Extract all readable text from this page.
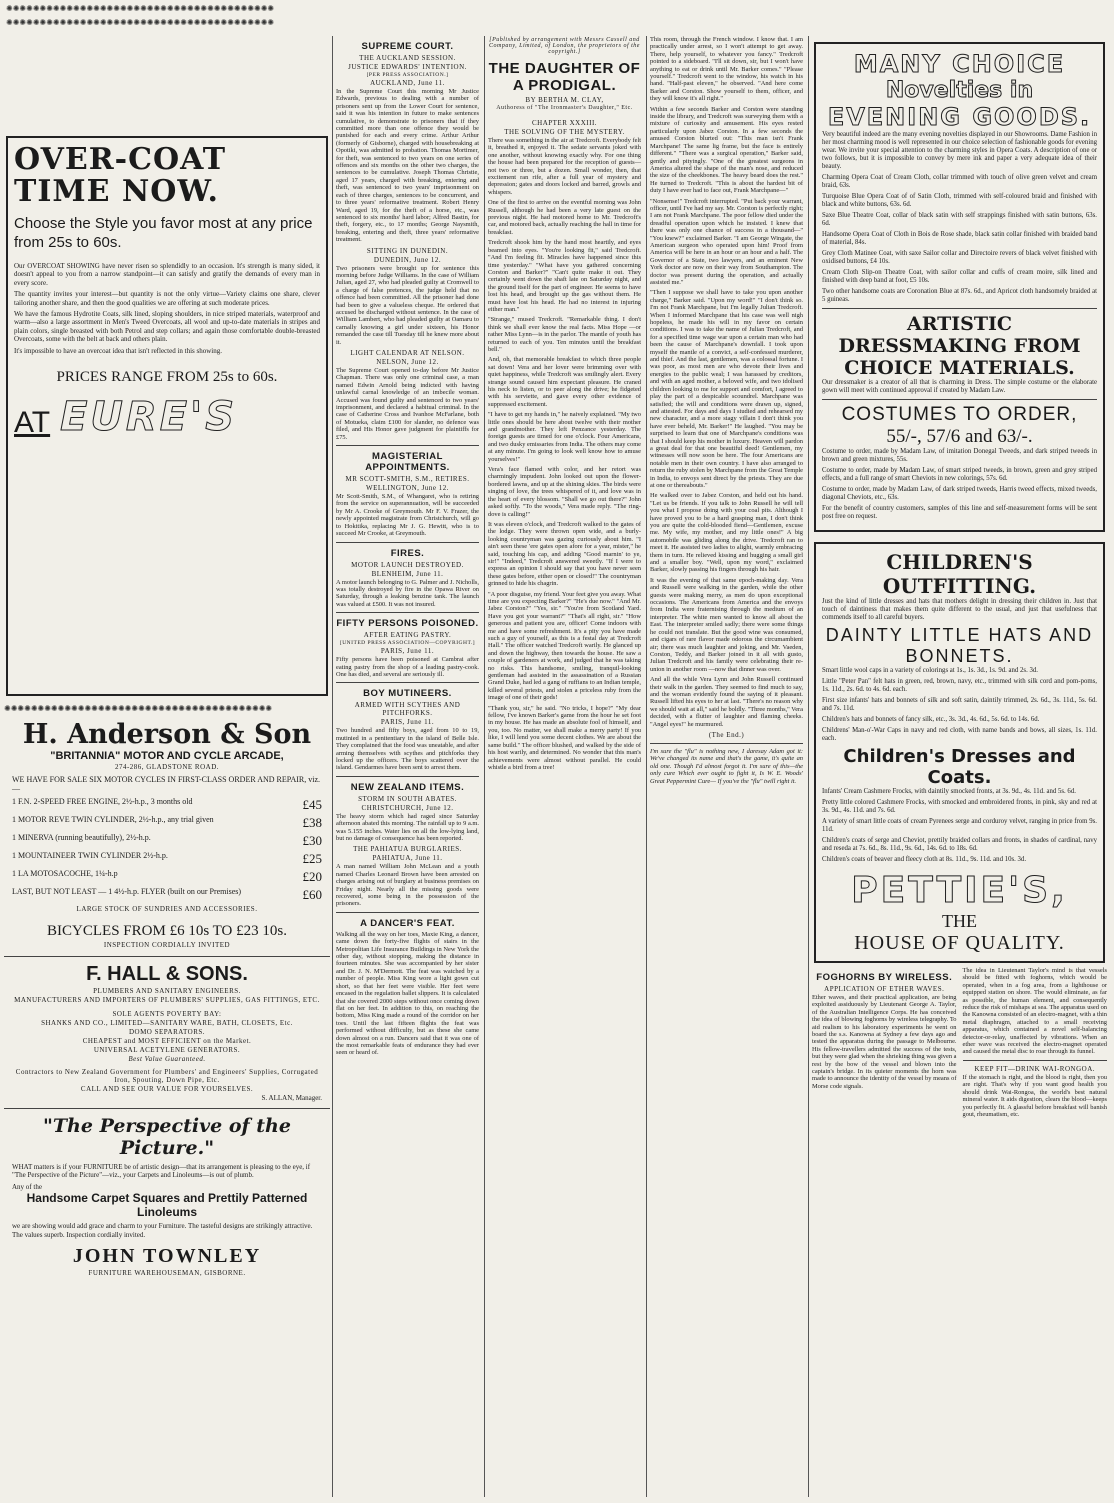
✺✺✺✺✺✺✺✺✺✺✺✺✺✺✺✺✺✺✺✺✺✺✺✺✺✺✺✺✺✺✺✺✺✺✺✺✺✺✺✺
✺✺✺✺✺✺✺✺✺✺✺✺✺✺✺✺✺✺✺✺✺✺✺✺✺✺✺✺✺✺✺✺✺✺✺✺✺✺✺✺
OVER-COAT TIME NOW.
Choose the Style you favor most at any price from 25s to 60s.

Our OVERCOAT SHOWING have never risen so splendidly to an occasion. It's strength is many sided, it doesn't appeal to you from a narrow standpoint—it can satisfy and gratify the demands of every man in every score.

The quantity invites your interest—but quantity is not the only virtue—Variety claims one share, clever tailoring another share, and then the good qualities we are offering at such moderate prices.

We have the famous Hydrotite Coats, silk lined, sloping shoulders, in nice striped materials, waterproof and warm—also a large assortment in Men's Tweed Overcoats, all wool and up-to-date materials in stripes and plain colors, single breasted with both Petrol and step collars; and again those comfortable double-breasted Overcoats, some with the belt at back and others plain.

It's impossible to have an overcoat idea that isn't reflected in this showing.

PRICES RANGE FROM 25s to 60s.
AT EURE'S
✺✺✺✺✺✺✺✺✺✺✺✺✺✺✺✺✺✺✺✺✺✺✺✺✺✺✺✺✺✺✺✺✺✺✺✺✺✺✺✺
H. Anderson & Son
"BRITANNIA" MOTOR AND CYCLE ARCADE,
274-286, GLADSTONE ROAD.
WE HAVE FOR SALE SIX MOTOR CYCLES IN FIRST-CLASS ORDER AND REPAIR, viz.—
1 F.N. 2-SPEED FREE ENGINE, 2½-h.p., 3 months old	£45
1 MOTOR REVE TWIN CYLINDER, 2½-h.p., any trial given	£38
1 MINERVA (running beautifully), 2½-h.p.	£30
1 MOUNTAINEER TWIN CYLINDER 2½-h.p.	£25
1 LA MOTOSACOCHE, 1¼-h.p	£20
LAST, BUT NOT LEAST — 1 4½-h.p. FLYER (built on our Premises)	£60
LARGE STOCK OF SUNDRIES AND ACCESSORIES.
BICYCLES FROM £6 10s TO £23 10s.
INSPECTION CORDIALLY INVITED
F. HALL & SONS.
PLUMBERS AND SANITARY ENGINEERS.
MANUFACTURERS AND IMPORTERS OF PLUMBERS' SUPPLIES, GAS FITTINGS, ETC.
SOLE AGENTS POVERTY BAY:
SHANKS AND CO., LIMITED—SANITARY WARE, BATH, CLOSETS, Etc.
DOMO SEPARATORS.
CHEAPEST and MOST EFFICIENT on the Market.
UNIVERSAL ACETYLENE GENERATORS.
Best Value Guaranteed.
Contractors to New Zealand Government for Plumbers' and Engineers' Supplies, Corrugated Iron, Spouting, Down Pipe, Etc.
CALL AND SEE OUR VALUE FOR YOURSELVES.
S. ALLAN, Manager.
"The Perspective of the Picture."
WHAT matters is if your FURNITURE be of artistic design—that its arrangement is pleasing to the eye, if "The Perspective of the Picture"—viz., your Carpets and Linoleums—is out of plumb.
Any of the
Handsome Carpet Squares and Prettily Patterned Linoleums
we are showing would add grace and charm to your Furniture. The tasteful designs are strikingly attractive. The values superb. Inspection cordially invited.
JOHN TOWNLEY
FURNITURE WAREHOUSEMAN, GISBORNE.
SUPREME COURT.
THE AUCKLAND SESSION.
JUSTICE EDWARDS' INTENTION.
[PER PRESS ASSOCIATION.]
AUCKLAND, June 11.

In the Supreme Court this morning Mr Justice Edwards, previous to dealing with a number of prisoners sent up from the Lower Court for sentence, said it was his intention in future to make sentences cumulative, to demonstrate to prisoners that if they committed more than one offence they would be punished for each and every crime. Arthur Arthur (formerly of Gisborne), charged with housebreaking at Opotiki, was admitted to probation. Thomas Mortimer, for theft, was sentenced to two years on one series of offences and six months on the other two charges, the sentences to be cumulative. Joseph Thomas Christie, aged 17 years, charged with breaking, entering and theft, was sentenced to two years' imprisonment on each of three charges, sentences to be concurrent, and to three years' reformative treatment. Robert Henry Ward, aged 19, for the theft of a horse, etc., was sentenced to six months' hard labor; Alfred Bastin, for theft, forgery, etc., to 17 months; George Naysmith, breaking, entering and theft, three years' reformative treatment.

SITTING IN DUNEDIN.
DUNEDIN, June 12.

Two prisoners were brought up for sentence this morning before Judge Williams. In the case of William Julian, aged 27, who had pleaded guilty at Cromwell to a charge of false pretences, the judge held that no offence had been committed. All the prisoner had done had been to give a valueless cheque. He ordered that accused be discharged without sentence. In the case of William Lambert, who had pleaded guilty at Oamaru to carnally knowing a girl under sixteen, his Honor remanded the case till Tuesday till he knew more about it.

LIGHT CALENDAR AT NELSON.
NELSON, June 12.

The Supreme Court opened to-day before Mr Justice Chapman. There was only one criminal case, a man named Edwin Arnold being indicted with having unlawful carnal knowledge of an imbecile woman. Accused was found guilty and sentenced to two years' imprisonment, and declared a habitual criminal. In the case of Catherine Cross and Ivanhoe McFarlane, both of Motueka, claim £100 for slander, no defence was filed, and His Honor gave judgment for plaintiffs for £75.

MAGISTERIAL APPOINTMENTS.
MR SCOTT-SMITH, S.M., RETIRES.
WELLINGTON, June 12.

Mr Scott-Smith, S.M., of Whangarei, who is retiring from the service on superannuation, will be succeeded by Mr A. Crooke of Greymouth. Mr F. V. Frazer, the newly appointed magistrate from Christchurch, will go to Hokitika, replacing Mr J. G. Hewitt, who is to succeed Mr Crooke, at Greymouth.

FIRES.
MOTOR LAUNCH DESTROYED.
BLENHEIM, June 11.

A motor launch belonging to G. Palmer and J. Nicholls, was totally destroyed by fire in the Opawa River on Saturday, through a leaking benzine tank. The launch was valued at £500. It was not insured.

FIFTY PERSONS POISONED.
AFTER EATING PASTRY.
[UNITED PRESS ASSOCIATION—COPYRIGHT.]
PARIS, June 11.

Fifty persons have been poisoned at Cambrai after eating pastry from the shop of a leading pastry-cook. One has died, and several are seriously ill.

BOY MUTINEERS.
ARMED WITH SCYTHES AND PITCHFORKS.
PARIS, June 11.

Two hundred and fifty boys, aged from 10 to 19, mutinied in a penitentiary in the island of Belle Isle. They complained that the food was uneatable, and after arming themselves with scythes and pitchforks they locked up the officers. The boys scattered over the island. Gendarmes have been sent to arrest them.

NEW ZEALAND ITEMS.
STORM IN SOUTH ABATES.
CHRISTCHURCH, June 12.

The heavy storm which had raged since Saturday afternoon abated this morning. The rainfall up to 9 a.m. was 5.155 inches. Water lies on all the low-lying land, but no damage of consequence has been reported.

THE PAHIATUA BURGLARIES.
PAHIATUA, June 11.

A man named William John McLean and a youth named Charles Leonard Brown have been arrested on charges arising out of burglary at business premises on Friday night. Nearly all the missing goods were recovered, some being in the possession of the prisoners.

A DANCER'S FEAT.

Walking all the way on her toes, Maxie King, a dancer, came down the forty-five flights of stairs in the Metropolitan Life Insurance Buildings in New York the other day, without stopping, making the distance in fourteen minutes. She was accompanied by her sister and Dr. J. N. M'Dermott. The feat was watched by a number of people. Miss King wore a light gown cut short, so that her feet were visible. Her feet were encased in the regulation ballet slippers. It is calculated that she covered 2000 steps without once coming down flat on her feet. In addition to this, on reaching the bottom, Miss King made a round of the corridor on her toes. Until the last fifteen flights the feat was performed without difficulty, but as these she came down almost on a run. Dancers said that it was one of the most remarkable feats of endurance they had ever seen or heard of.

[Published by arrangement with Messrs Cassell and Company, Limited, of London, the proprietors of the copyright.]
THE DAUGHTER OF A PRODIGAL.
BY BERTHA M. CLAY,
Authoress of "The Ironmaster's Daughter," Etc.
CHAPTER XXXIII.
THE SOLVING OF THE MYSTERY.

There was something in the air at Tredcroft. Everybody felt it, breathed it, enjoyed it. The sedate servants joked with one another, without knowing exactly why. For one thing the house had been prepared for the reception of guests—not two or three, but a dozen. Small wonder, then, that excitement ran rife, after a full year of mystery and depression; gates and doors locked and barred, growls and whispers.

One of the first to arrive on the eventful morning was John Russell, although he had been a very late guest on the previous night. He had motored home to Mr. Tredcroft's car, and motored back, actually reaching the hall in time for breakfast.

Tredcroft shook him by the hand most heartily, and eyes beamed into eyes. "You're looking fit," said Tredcroft. "And I'm feeling fit. Miracles have happened since this time yesterday." "What have you gathered concerning Corston and Barker?" "Can't quite make it out. They certainly went down the shaft late on Saturday night, and the ground itself for the part of engineer. He seems to have lost his head, and brought up the gas without them. He must have lost his head. He had no interest in injuring either man."

"Strange," mused Tredcroft. "Remarkable thing. I don't think we shall ever know the real facts. Miss Hope —or rather Miss Lynn—is in the parlor. The mantle of youth has returned to each of you. Ten minutes until the breakfast bell."

And, oh, that memorable breakfast to which three people sat down! Vera and her lover were brimming over with quiet happiness, while Tredcroft was smilingly alert. Every strange sound caused him expectant pleasure. He craned his neck to listen, or to peer along the drive; he fidgeted with his serviette, and gave every other evidence of suppressed excitement.

"I have to get my hands in," he naively explained. "My two little ones should be here about twelve with their mother and grandmother. They left Penzance yesterday. The foreign guests are timed for one o'clock. Four Americans, and two dusky emissaries from India. The others may come at any minute. I'm going to look well know how to amuse yourselves!"

Vera's face flamed with color, and her retort was charmingly impudent. John looked out upon the flower-bordered lawns, and up at the shining skies. The birds were singing of love, the trees whispered of it, and love was in the heart of every blossom. "Shall we go out there?" John asked softly. "To the woods," Vera made reply. "The ring-dove is calling!"

It was eleven o'clock, and Tredcroft walked to the gates of the lodge. They were thrown open wide, and a burly-looking countryman was gazing curiously about him. "I ain't seen these 'ere gates open afore for a year, mister," he said, touching his cap, and adding "Good marnin' to ye, sir!" "Indeed," Tredcroft answered sweetly. "If I were to express an opinion I should say that you have never seen these gates before, either open or closed!" The countryman grinned to hide his chagrin.

"A poor disguise, my friend. Your feet give you away. What time are you expecting Barker?" "He's due now." "And Mr. Jabez Corston?" "Yes, sir." "You're from Scotland Yard. Have you got your warrant?" "That's all right, sir." "How generous and patient you are, officer! Come indoors with me and have some refreshment. It's a pity you have made such a guy of yourself, as this is a festal day at Tredcroft Hall." The officer watched Tredcroft warily. He glanced up and down the highway, then towards the house. He saw a couple of gardeners at work, and judged that he was taking no risks. This handsome, smiling, tranquil-looking gentleman had assisted in the assassination of a Russian Grand Duke, had led a gang of ruffians to an Indian temple, killed several priests, and stolen a priceless ruby from the image of one of their gods!

"Thank you, sir," he said. "No tricks, I hope?" "My dear fellow, I've known Barker's game from the hour he set foot in my house. He has made an absolute fool of himself, and you, too. No matter, we shall make a merry party! If you like, I will lend you some decent clothes. We are about the same build." The officer blushed, and walked by the side of his host warily, and determined. No wonder that this man's achievements were almost without parallel. He could whistle a bird from a tree!

This room, through the French window. I know that. I am practically under arrest, so I won't attempt to get away. There, help yourself, to whatever you fancy." Tredcroft pointed to a sideboard. "I'll sit down, sir, but I won't have anything to eat or drink until Mr. Barker comes." "Please yourself." Tredcroft went to the window, his watch in his hand. "Half-past eleven," he observed. "And here come Barker and Corston. Show yourself to them, officer, and they will know it's all right."

Within a few seconds Barker and Corston were standing inside the library, and Tredcroft was surveying them with a mixture of curiosity and amusement. His eyes rested particularly upon Jabez Corston. In a few seconds the amused Corston blurted out: "This man isn't Frank Marchpane! The same lig frame, but the face is entirely different." "There was a surgical operation," Barker said, gently and pityingly. "One of the greatest surgeons in America altered the shape of the man's nose, and reduced the size of the cheekbones. The heavy beard does the rest." He turned to Tredcroft. "This is about the hardest bit of duty I have ever had to face out, Frank Marchpane—"

"Nonsense!" Tredcroft interrupted. "Put back your warrant, officer, until I've had my say. Mr. Corston is perfectly right; I am not Frank Marchpane. The poor fellow died under the dreadful operation upon which he insisted. I knew that there was only one chance of success in a thousand—" "You knew?" exclaimed Barker. "I am George Wingate, the American surgeon who operated upon him! Proof from America will be here in an hour or an hour and a half. The Governor of a State, two lawyers, and an eminent New York doctor are now on their way from Southampton. The doctor was present during the operation, and actually assisted me."

"Then I suppose we shall have to take you upon another charge," Barker said. "Upon my word!" "I don't think so. I'm not Frank Marchpane, but I'm legally Julian Tredcroft. When I informed Marchpane that his case was well nigh hopeless, he made his will in my favor on certain conditions. I was to take the name of Julian Tredcroft, and for a specified time wage war upon a certain man who had been the cause of Marchpane's downfall. I took upon myself the mantle of a convict, a self-confessed murderer, and thief. And the last, gentlemen, was a colossal fortune. I was poor, as most men are who devote their lives and energies to the public weal; I was harassed by creditors, and with an aged mother, a beloved wife, and two idolised children looking to me for support and comfort, I agreed to play the part of a despicable scoundrel. Marchpane was satisfied; the will and conditions were drawn up, signed, and attested. For days and days I studied and rehearsed my new character, and a more stagy villain I don't think you have ever beheld, Mr. Barker!" He laughed. "You may be surprised to learn that one of Marchpane's conditions was that I should keep his mother in luxury. Heaven will pardon a great deal for that one beautiful deed! Gentlemen, my witnesses will now soon be here. The four Americans are notable men in their own country. I have also arranged to return the ruby stolen by Marchpane from the Great Temple in India, to envoys sent direct by the priests. They are due at one or thereabouts."

He walked over to Jabez Corston, and held out his hand. "Let us be friends. If you talk to John Russell he will tell you what I propose doing with your coal pits. Although I have proved you to be a hard grasping man, I don't think you are quite the cold-blooded fiend—Gentlemen, excuse me. My wife, my mother, and my little ones!" A big automobile was gliding along the drive. Tredcroft ran to meet it. He assisted two ladies to alight, warmly embracing them in turn. He relieved kissing and hugging a small girl and a smaller boy. "Well, upon my word," exclaimed Barker, slowly passing his fingers through his hair.

It was the evening of that same epoch-making day. Vera and Russell were walking in the garden, while the other guests were making merry, as men do upon exceptional occasions. The Americans from America and the envoys from India were fraternising through the medium of an interpreter. The white men wanted to know all about the East. The interpreter smiled sadly; there were some things he could not translate. But the good wine was consumed, and cigars of rare flavor made odorous the circumambient air; there was much laughter and joking, and Mr. Vaeden, Corston, Teddy, and Barker joined in it all with gusto, Julian Tredcroft and his family were celebrating their re-union in another room —now that dinner was over.

And all the while Vera Lynn and John Russell continued their walk in the garden. They seemed to find much to say, and the woman evidently found the saying of it pleasant. Russell lifted his eyes to her at last. "There's no reason why we should wait at all," said he boldly. "Three months," Vera decided, with a flutter of laughter and flaming cheeks. "Angel eyes!" he murmured.

(The End.)

I'm sure the "flu" is nothing new, I daresay Adam got it: We've changed its name and that's the game, it's quite an old one. Though I'd almost forgot it. I'm sure of this—the only cure Which ever ought to fight it, Is W. E. Woods' Great Peppermint Cure— If you've the "flu" twill right it.

MANY CHOICE
Novelties in
EVENING GOODS.

Very beautiful indeed are the many evening novelties displayed in our Showrooms. Dame Fashion in her most charming mood is well represented in our choice selection of fashionable goods for evening wear. We invite your special attention to the charming styles in Opera Coats. A description of one or two follows, but it is impossible to convey by mere ink and paper a very adequate idea of their beauty.

Charming Opera Coat of Cream Cloth, collar trimmed with touch of olive green velvet and cream braid, 63s.

Turquoise Blue Opera Coat of of Satin Cloth, trimmed with self-coloured braid and finished with black and white buttons, 63s. 6d.

Saxe Blue Theatre Coat, collar of black satin with self strappings finished with satin buttons, 63s. 6d.

Handsome Opera Coat of Cloth in Bois de Rose shade, black satin collar finished with braided band of material, 84s.

Grey Cloth Matinee Coat, with saxe Sailor collar and Directoire revers of black velvet finished with oxidised buttons, £4 10s.

Cream Cloth Slip-on Theatre Coat, with sailor collar and cuffs of cream moire, silk lined and finished with deep band at foot, £5 10s.

Two other handsome coats are Coronation Blue at 87s. 6d., and Apricot cloth handsomely braided at 5 guineas.

ARTISTIC DRESSMAKING FROM CHOICE MATERIALS.

Our dressmaker is a creator of all that is charming in Dress. The simple costume or the elaborate gown will meet with continued approval if created by Madam Law.

COSTUMES TO ORDER,
55/-, 57/6 and 63/-.

Costume to order, made by Madam Law, of imitation Donegal Tweeds, and dark striped tweeds in brown and green mixtures, 55s.

Costume to order, made by Madam Law, of smart striped tweeds, in brown, green and grey striped effects, and a full range of smart Cheviots in new colorings, 57s. 6d.

Costume to order, made by Madam Law, of dark striped tweeds, Harris tweed effects, mixed tweeds, diagonal Cheviots, etc., 63s.

For the benefit of country customers, samples of this line and self-measurement forms will be sent post free on request.

CHILDREN'S OUTFITTING.

Just the kind of little dresses and hats that mothers delight in dressing their children in. Just that touch of daintiness that makes them quite different to the usual, and just that usefulness that commends itself to all careful buyers.

DAINTY LITTLE HATS AND BONNETS.

Smart little wool caps in a variety of colorings at 1s., 1s. 3d., 1s. 9d. and 2s. 3d.

Little "Peter Pan" felt hats in green, red, brown, navy, etc., trimmed with silk cord and pom-poms, 1s. 11d., 2s. 6d. to 4s. 6d. each.

First size infants' hats and bonnets of silk and soft satin, daintily trimmed, 2s. 6d., 3s. 11d., 5s. 6d. and 7s. 11d.

Children's hats and bonnets of fancy silk, etc., 3s. 3d., 4s. 6d., 5s. 6d. to 14s. 6d.

Childrens' Man-o'-War Caps in navy and red cloth, with name bands and bows, all sizes, 1s. 11d. each.

Children's Dresses and Coats.

Infants' Cream Cashmere Frocks, with daintily smocked fronts, at 3s. 9d., 4s. 11d. and 5s. 6d.

Pretty little colored Cashmere Frocks, with smocked and embroidered fronts, in pink, sky and red at 3s. 9d., 4s. 11d. and 7s. 6d.

A variety of smart little coats of cream Pyrenees serge and corduroy velvet, ranging in price from 9s. 11d.

Children's coats of serge and Cheviot, prettily braided collars and fronts, in shades of cardinal, navy and reseda at 7s. 6d., 8s. 11d., 9s. 6d., 14s. 6d. to 18s. 6d.

Children's coats of beaver and fleecy cloth at 8s. 11d., 9s. 11d. and 10s. 3d.

PETTIE'S,
THE
HOUSE OF QUALITY.
FOGHORNS BY WIRELESS.
APPLICATION OF ETHER WAVES.

Ether waves, and their practical application, are being exploited assiduously by Lieutenant George A. Taylor, of the Australian Intelligence Corps. He has conceived the idea of blowing foghorns by wireless telegraphy. To aid realism to his laboratory experiments he went on board the s.s. Kanowna at Sydney a few days ago and tested the apparatus during the passage to Melbourne. His fellow-travellers admitted the success of the tests, but they were glad when the shrieking thing was given a rest by the bow of the vessel and blown into the captain's bridge. In its quieter moments the horn was made to announce the identity of the vessel by means of Morse code signals.

The idea in Lieutenant Taylor's mind is that vessels should be fitted with foghorns, which would be operated, when in a fog area, from a lighthouse or equipped station on shore. The would eliminate, as far as possible, the human element, and consequently reduce the risk of mishaps at sea. The apparatus used on the Kanowna consisted of an electro-magnet, with a thin metal diaphragm, attached to a small receiving apparatus, which contained a novel self-balancing detector-or-relay, unaffected by vibrations. When an ether wave was received the electro-magnet operated and caused the metal disc to roar through its funnel.

KEEP FIT—DRINK WAI-RONGOA.

If the stomach is right, and the blood is right, then you are right. That's why if you want good health you should drink Wai-Rongoa, the world's best natural mineral water. It aids digestion, clears the blood—keeps you perfectly fit. A glassful before breakfast will banish gout, rheumatism, etc.
